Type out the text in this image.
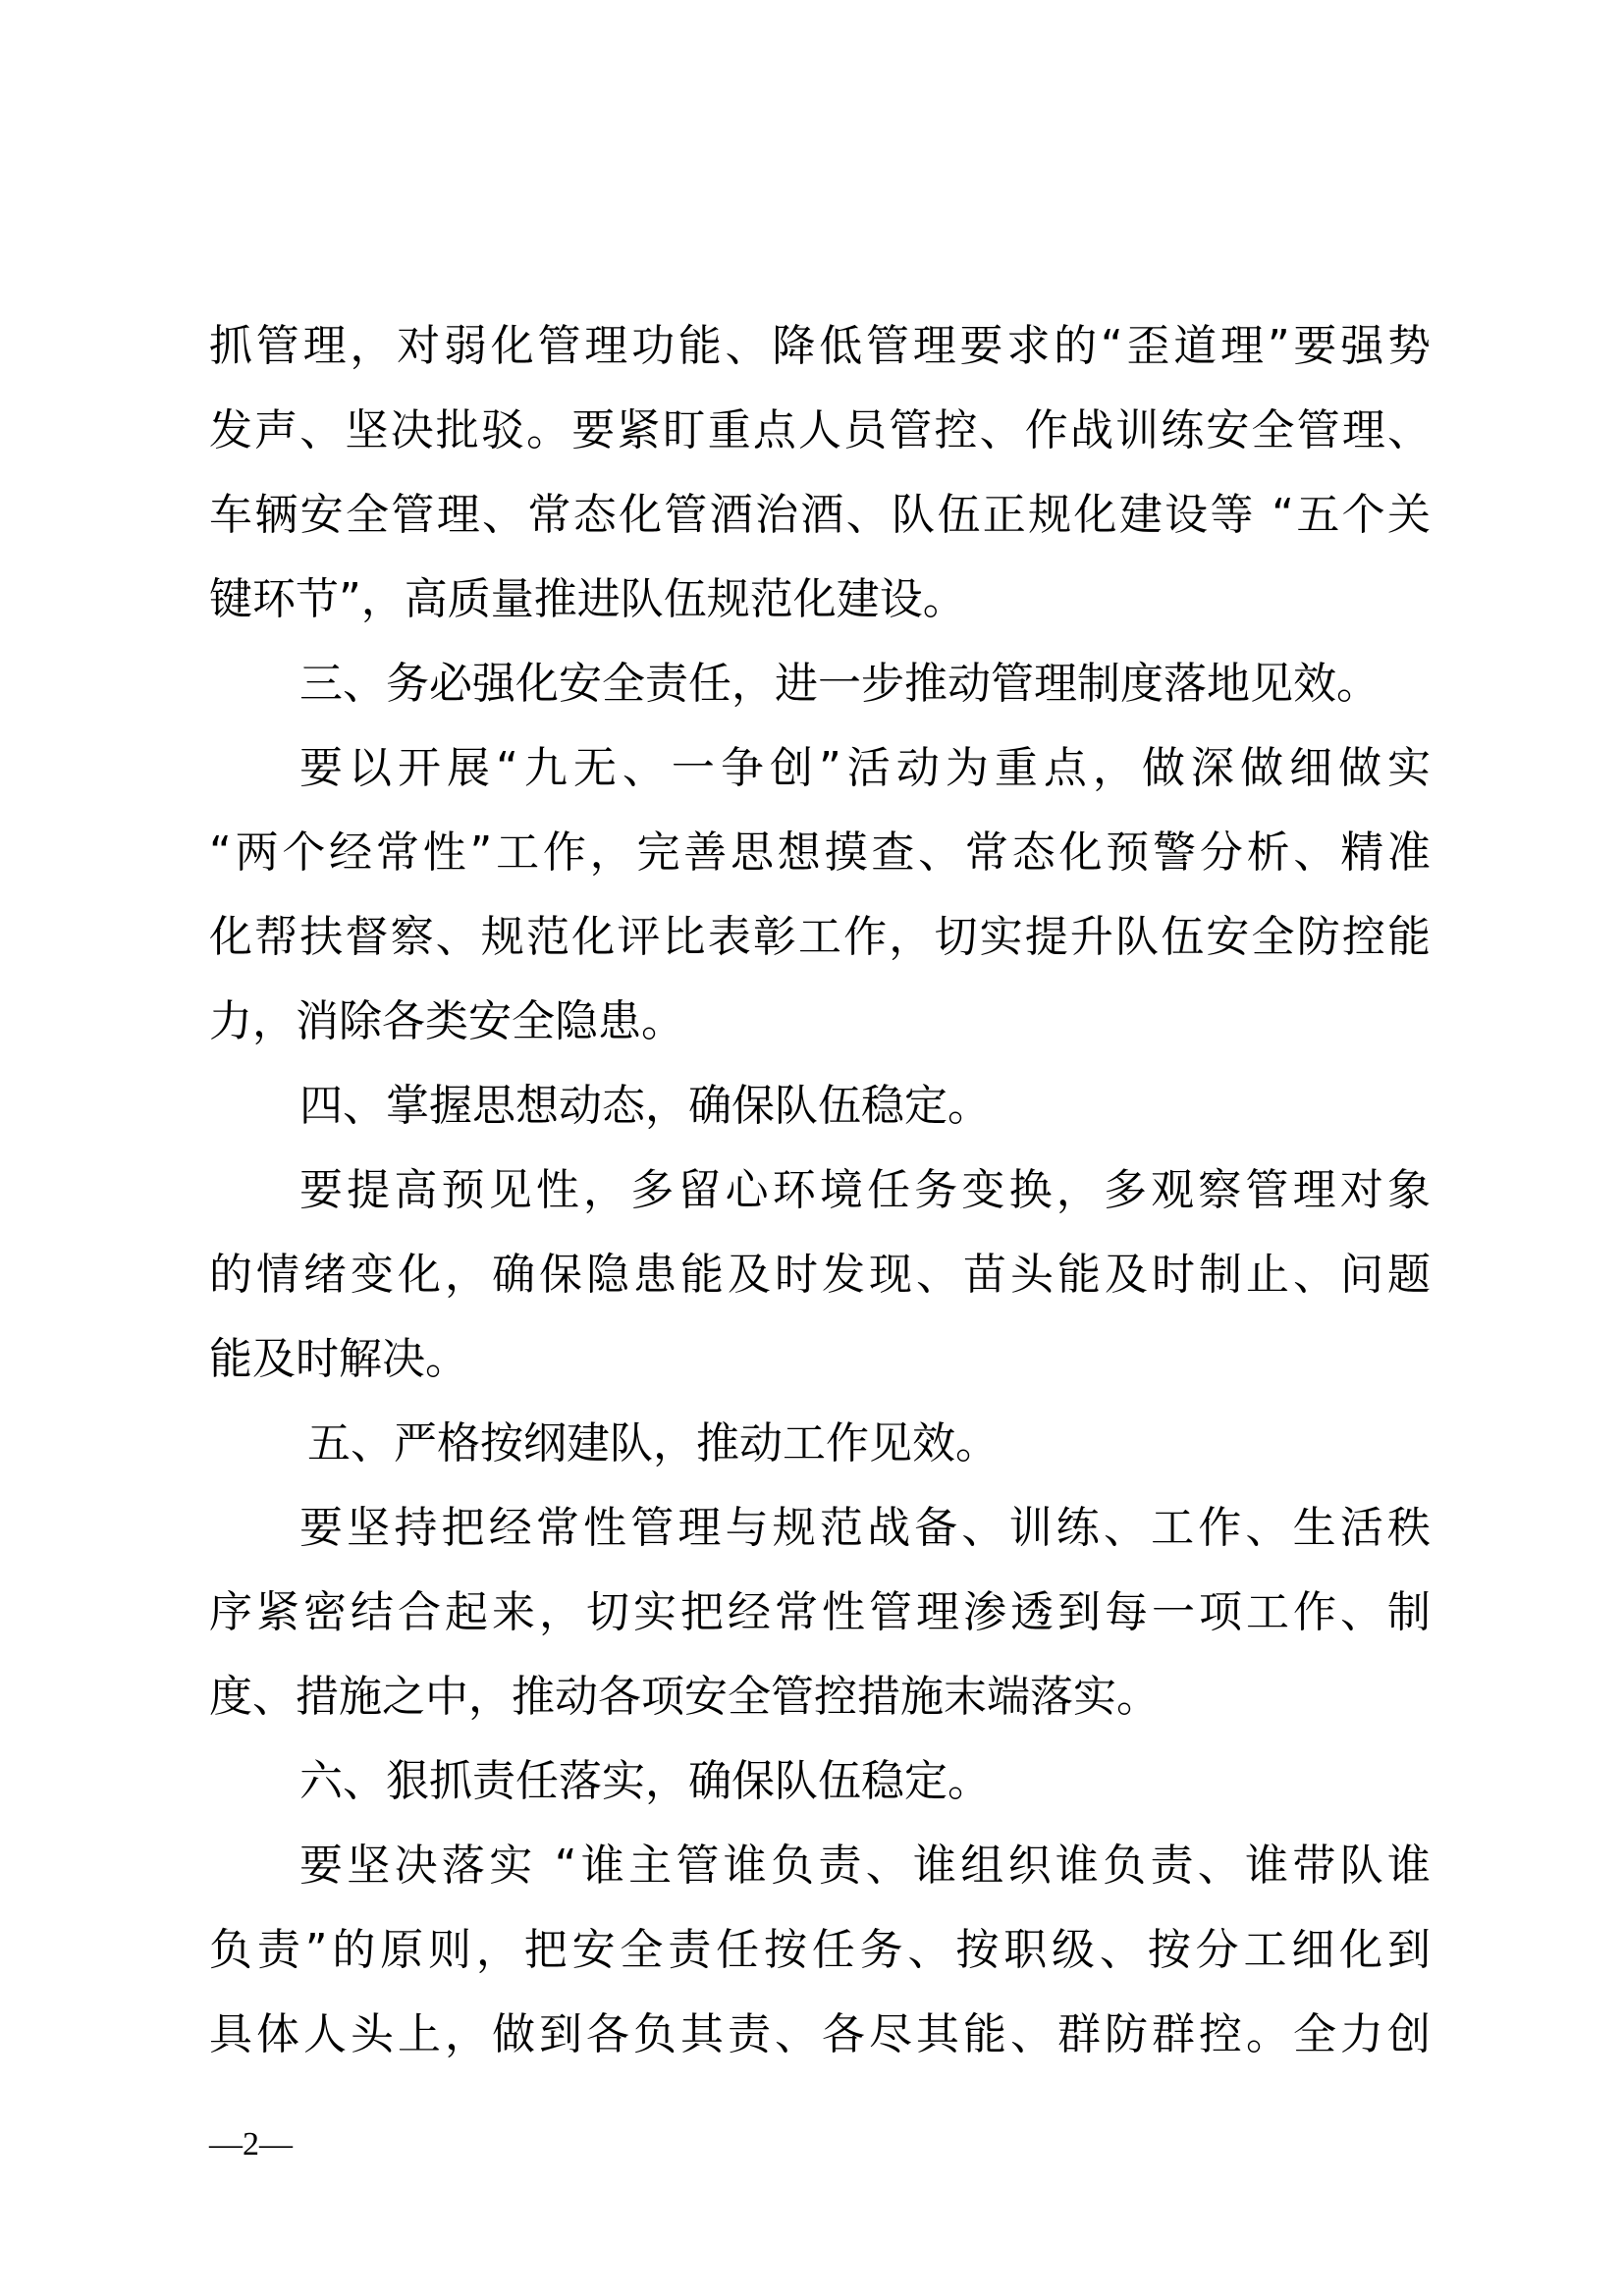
抓管理，对弱化管理功能、降低管理要求的“歪道理”要强势
发声、坚决批驳。要紧盯重点人员管控、作战训练安全管理、
车辆安全管理、常态化管酒治酒、队伍正规化建设等 “五个关
键环节”，高质量推进队伍规范化建设。
三、务必强化安全责任，进一步推动管理制度落地见效。
要以开展“九无、一争创”活动为重点，做深做细做实
“两个经常性”工作，完善思想摸查、常态化预警分析、精准
化帮扶督察、规范化评比表彰工作，切实提升队伍安全防控能
力，消除各类安全隐患。
四、掌握思想动态，确保队伍稳定。
要提高预见性，多留心环境任务变换，多观察管理对象
的情绪变化，确保隐患能及时发现、苗头能及时制止、问题
能及时解决。
五、严格按纲建队，推动工作见效。
要坚持把经常性管理与规范战备、训练、工作、生活秩
序紧密结合起来，切实把经常性管理渗透到每一项工作、制
度、措施之中，推动各项安全管控措施末端落实。
六、狠抓责任落实，确保队伍稳定。
要坚决落实 “谁主管谁负责、谁组织谁负责、谁带队谁
负责”的原则，把安全责任按任务、按职级、按分工细化到
具体人头上，做到各负其责、各尽其能、群防群控。全力创
—2—
